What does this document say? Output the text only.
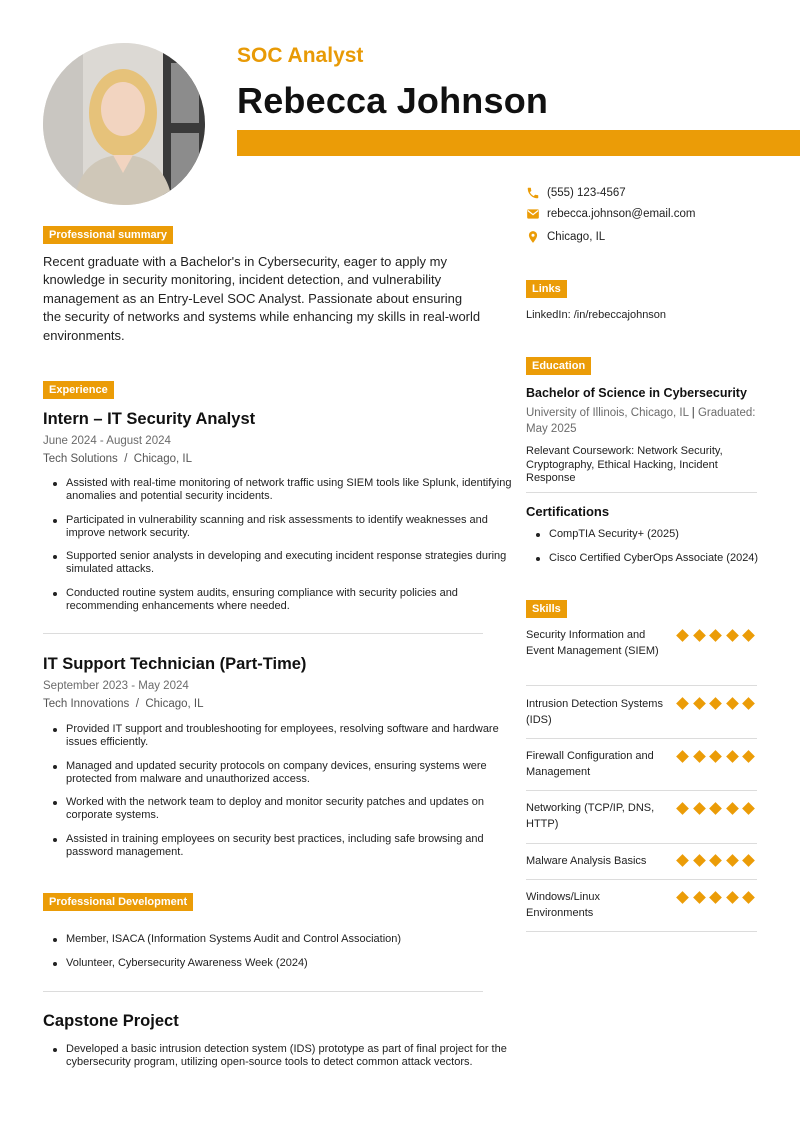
SOC Analyst
Rebecca Johnson
Professional summary
Recent graduate with a Bachelor's in Cybersecurity, eager to apply my knowledge in security monitoring, incident detection, and vulnerability management as an Entry-Level SOC Analyst. Passionate about ensuring the security of networks and systems while enhancing my skills in real-world environments.
Experience
Intern – IT Security Analyst
June 2024 - August 2024
Tech Solutions  /  Chicago, IL
Assisted with real-time monitoring of network traffic using SIEM tools like Splunk, identifying anomalies and potential security incidents.
Participated in vulnerability scanning and risk assessments to identify weaknesses and improve network security.
Supported senior analysts in developing and executing incident response strategies during simulated attacks.
Conducted routine system audits, ensuring compliance with security policies and recommending enhancements where needed.
IT Support Technician (Part-Time)
September 2023 - May 2024
Tech Innovations  /  Chicago, IL
Provided IT support and troubleshooting for employees, resolving software and hardware issues efficiently.
Managed and updated security protocols on company devices, ensuring systems were protected from malware and unauthorized access.
Worked with the network team to deploy and monitor security patches and updates on corporate systems.
Assisted in training employees on security best practices, including safe browsing and password management.
Professional Development
Member, ISACA (Information Systems Audit and Control Association)
Volunteer, Cybersecurity Awareness Week (2024)
Capstone Project
Developed a basic intrusion detection system (IDS) prototype as part of final project for the cybersecurity program, utilizing open-source tools to detect common attack vectors.
(555) 123-4567
rebecca.johnson@email.com
Chicago, IL
Links
LinkedIn: /in/rebeccajohnson
Education
Bachelor of Science in Cybersecurity
University of Illinois, Chicago, IL | Graduated: May 2025
Relevant Coursework: Network Security, Cryptography, Ethical Hacking, Incident Response
Certifications
CompTIA Security+ (2025)
Cisco Certified CyberOps Associate (2024)
Skills
Security Information and Event Management (SIEM)
Intrusion Detection Systems (IDS)
Firewall Configuration and Management
Networking (TCP/IP, DNS, HTTP)
Malware Analysis Basics
Windows/Linux Environments
